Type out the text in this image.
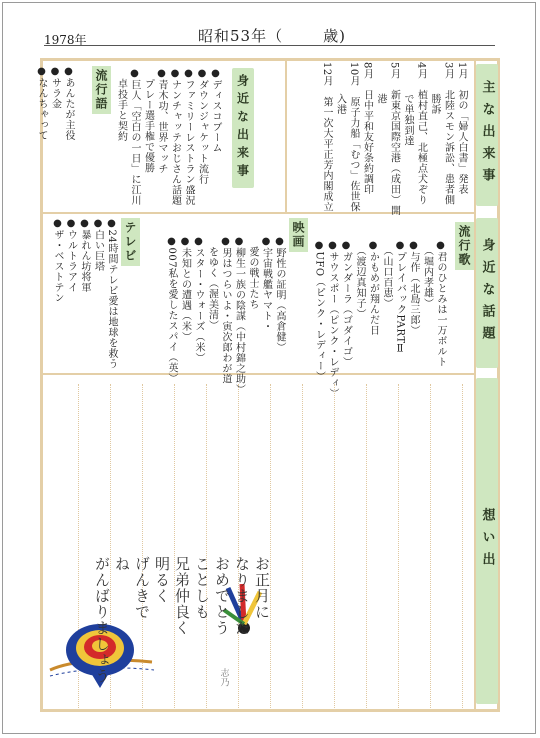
1978年	昭和53年（	歳)
主な出来事
身近な話題
想い出
1月　初の「婦人白書」発表
3月　北陸スモン訴訟、患者側
　　　勝訴
4月　植村直己、北極点犬ぞり
　　　で単独到達
5月　新東京国際空港（成田）開
　　　港
8月　日中平和友好条約調印
10月　原子力船「むつ」佐世保
　　　入港
12月　第一次大平正芳内閣成立
身近な出来事
●ディスコブーム
●ダウンジャケット流行
●ファミリーレストラン盛況
●ナンチャッテおじさん話題
●青木功、世界マッチ
　プレー選手権で優勝
●巨人「空白の一日」に江川
　卓投手と契約
流行語
●あんたが主役
●サラ金
●なんちゃって
流行歌
●君のひとみは一万ボルト
　（堀内孝雄）
●与作（北島三郎）
●プレイバックPARTⅡ
　（山口百恵）
●かもめが翔んだ日
　（渡辺真知子）
●ガンダーラ（ゴダイゴ）
●サウスポー（ピンク・レディ）
●UFO（ピンク・レディー）
映画
●野性の証明（高倉健）
●宇宙戦艦ヤマト・
　愛の戦士たち
●柳生一族の陰謀（中村錦之助）
●男はつらいよ・寅次郎わが道
　をゆく（渥美清）
●スター・ウォーズ（米）
●未知との遭遇（米）
●007私を愛したスパイ（英）
テレビ
●24時間テレビ愛は地球を救う
●白い巨塔
●暴れん坊将軍
●ウルトラアイ
●ザ・ベストテン
お正月に
なりました
おめでとう
ことしも
兄弟仲良く
明るく
げんきで
ね
がんばりましょう	志乃
